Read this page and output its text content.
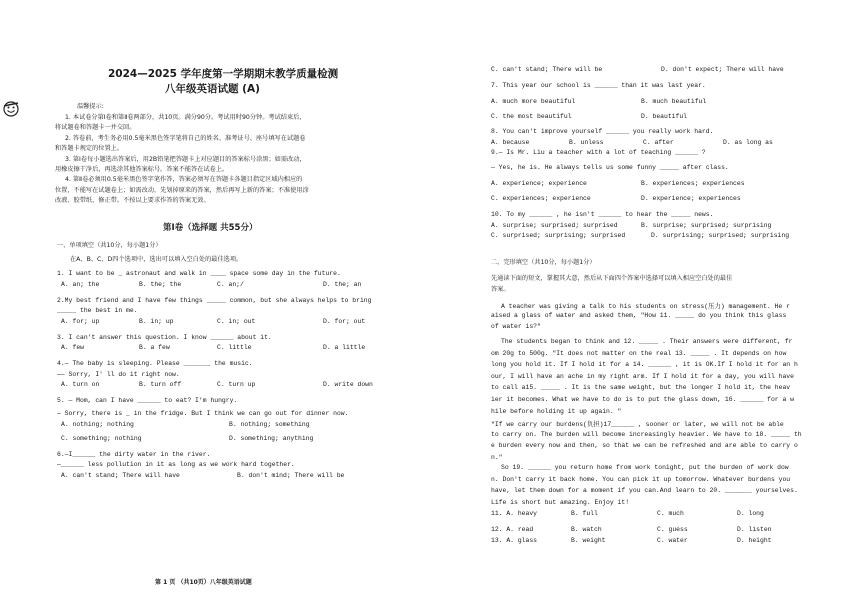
2024—2025 学年度第一学期期末教学质量检测
八年级英语试题 (A)
温馨提示:
1. 本试卷分第Ⅰ卷和第Ⅱ卷两部分，共10页。满分90分。考试用时90分钟。考试结束后，
将试题卷和答题卡一并交回。
2. 答卷前，考生务必用0.5毫米黑色签字笔将自己的姓名、准考证号、座号填写在试题卷
和答题卡规定的位置上。
3. 第Ⅰ卷每小题选出答案后，用2B铅笔把答题卡上对应题目的答案标号涂黑；如需改动，
用橡皮擦干净后，再选涂其他答案标号。答案不能答在试卷上。
4. 第Ⅱ卷必须用0.5毫米黑色签字笔作答，答案必须写在答题卡各题目指定区域内相应的
位置，不能写在试题卷上；如需改动，先划掉原来的答案，然后再写上新的答案；不准使用涂
改液、胶带纸、修正带。不按以上要求作答的答案无效。
第Ⅰ卷（选择题 共55分）
一、单项填空（共10分，每小题1分）
在A、B、C、D四个选项中，选出可以填入空白处的最佳选项。
1. I want to be _ astronaut and walk in ____ space some day in the future.
A. an; the	B. the; the	C. an;/	D. the; an
2.My best friend and I have few things _____ common, but she always helps to bring
_____ the best in me.
A. for; up	B. in; up	C. in; out	D. for; out
3. I can't answer this question. I know ______ about it.
A. few	B. a few	C. little	D. a little
4.— The baby is sleeping. Please _______ the music.
—— Sorry, I' ll do it right now.
A. turn on	B. turn off	C. turn up	D. write down
5. — Mom, can I have ______ to eat? I'm hungry.
— Sorry, there is _ in the fridge. But I think we can go out for dinner now.
A. nothing; nothing	B. nothing; something
C. something; nothing	D. something; anything
6.—I______ the dirty water in the river.
—______ less pollution in it as long as we work hard together.
A. can't stand; There will have	B. don't mind; There will be
第 1 页 （共10页）八年级英语试题
C. can't stand; There will be	D. don't expect; There will have
7. This year our school is ______ than it was last year.
A. much more beautiful	B. much beautiful
C. the most beautiful	D. beautiful
8. You can't improve yourself ______ you really work hard.
A. because	B. unless	C. after	D. as long as
9.— Is Mr. Liu a teacher with a lot of teaching ______ ?
— Yes, he is. He always tells us some funny _____ after class.
A. experience; experience	B. experiences; experiences
C. experiences; experience	D. experience; experiences
10. To my ______ , he isn't ______ to hear the _____ news.
A. surprise; surprised; surprised	B. surprise; surprised; surprising
C. surprised; surprising; surprised	D. surprising; surprised; surprising
二、完形填空（共10分，每小题1分）
先通读下面的短文，掌握其大意，然后从下面四个答案中选择可以填入相应空白处的最佳
答案。
A teacher was giving a talk to his students on stress(压力) management. He r
aised a glass of water and asked them, "How 11. _____ do you think this glass
of water is?"
The students began to think and 12. _____ . Their answers were different, fr
om 20g to 500g. "It does not matter on the real 13. _____ . It depends on how
long you hold it. If I hold it for a 14. ______ , it is OK.If I hold it for an h
our, I will have an ache in my right arm. If I hold it for a day, you will have
to call a15. _____ . It is the same weight, but the longer I hold it, the heav
ier it becomes. What we have to do is to put the glass down, 16. ______ for a w
hile before holding it up again. "
"If we carry our burdens(负担)17______ , sooner or later, we will not be able
to carry on. The burden will become increasingly heavier. We have to 18. _____ th
e burden every now and then, so that we can be refreshed and are able to carry o
n."
So 19. ______ you return home from work tonight, put the burden of work dow
n. Don't carry it back home. You can pick it up tomorrow. Whatever burdens you
have, let them down for a moment if you can.And learn to 20. _______ yourselves.
Life is short but amazing. Enjoy it!
11. A. heavy	B. full	C. much	D. long
12. A. read	B. watch	C. guess	D. listen
13. A. glass	B. weight	C. water	D. height
